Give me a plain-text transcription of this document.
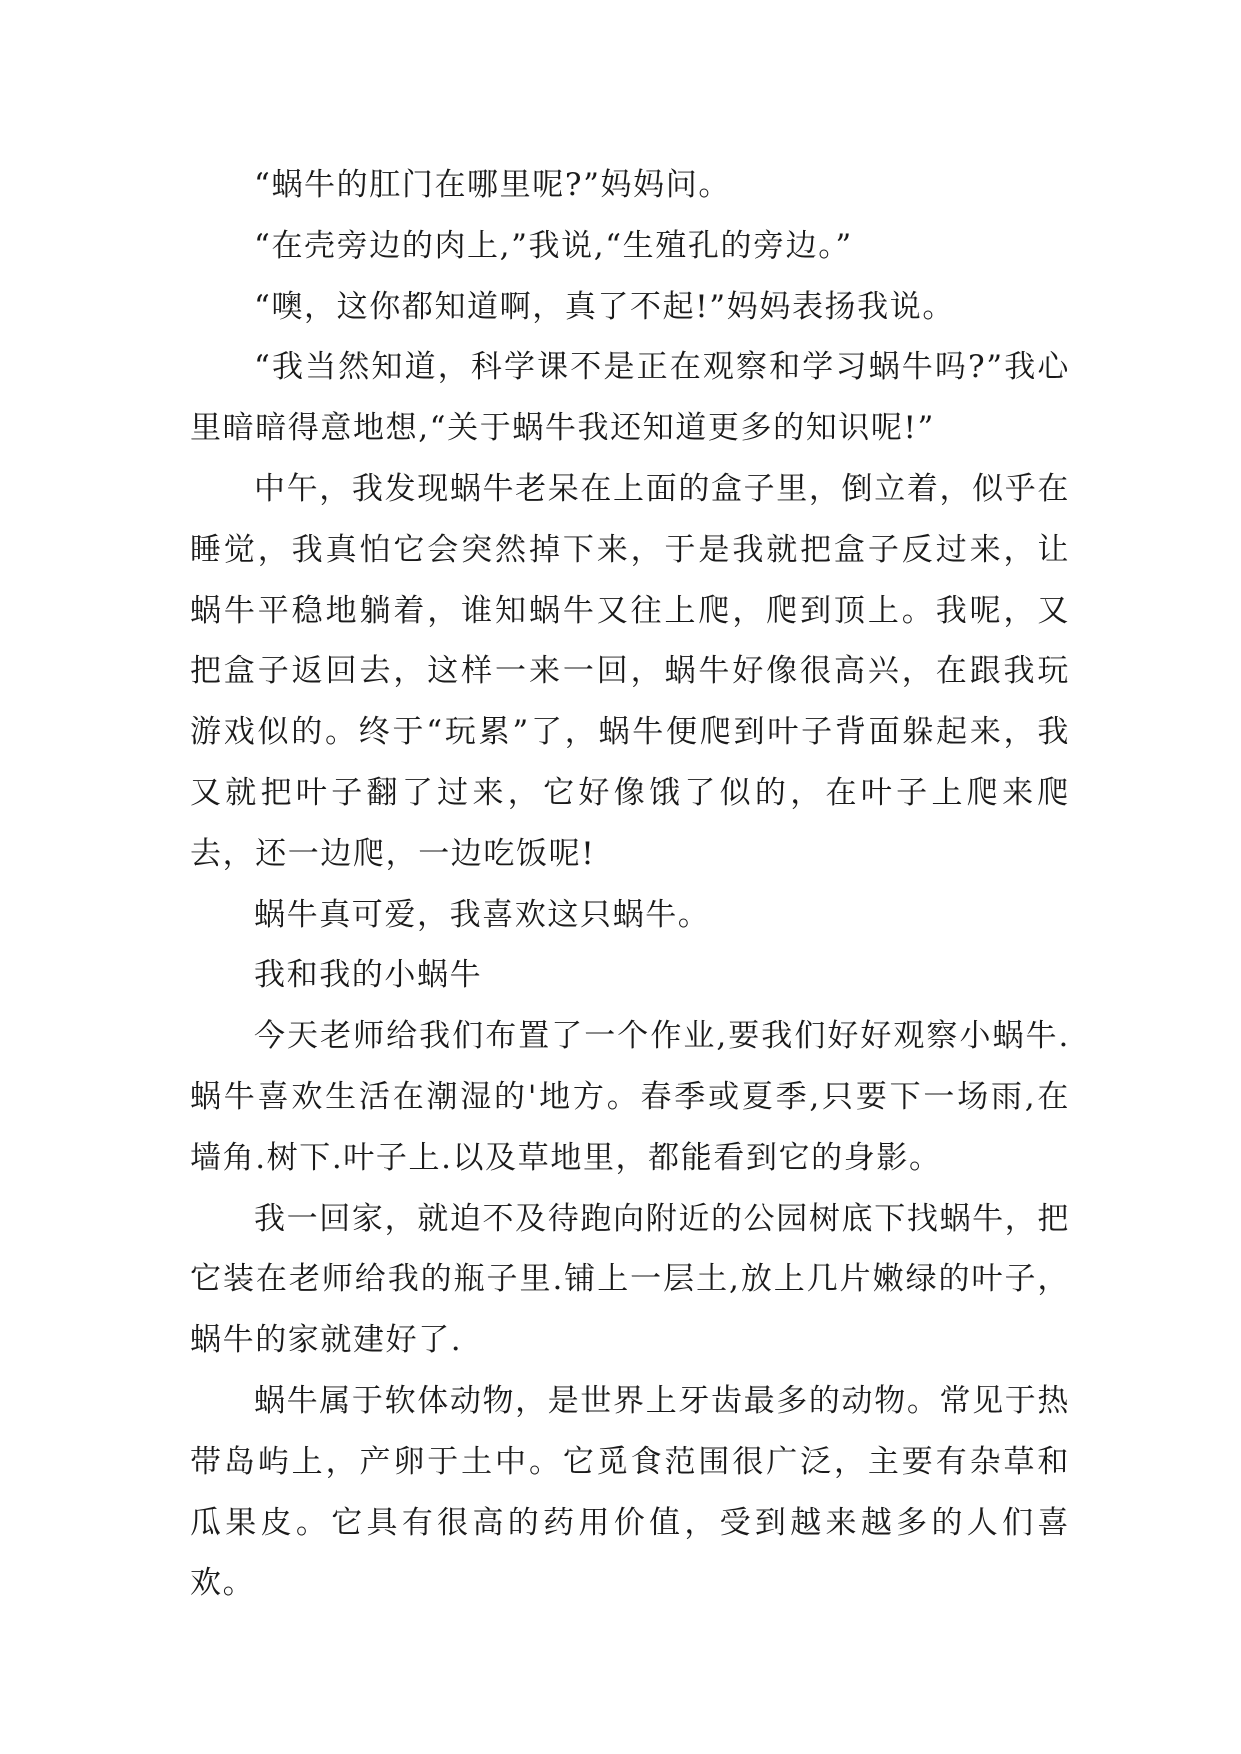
“蜗牛的肛门在哪里呢?”妈妈问。

“在壳旁边的肉上,”我说,“生殖孔的旁边。”

“噢，这你都知道啊，真了不起!”妈妈表扬我说。

“我当然知道，科学课不是正在观察和学习蜗牛吗?”我心里暗暗得意地想,“关于蜗牛我还知道更多的知识呢!”

中午，我发现蜗牛老呆在上面的盒子里，倒立着，似乎在睡觉，我真怕它会突然掉下来，于是我就把盒子反过来，让蜗牛平稳地躺着，谁知蜗牛又往上爬，爬到顶上。我呢，又把盒子返回去，这样一来一回，蜗牛好像很高兴，在跟我玩游戏似的。终于“玩累”了，蜗牛便爬到叶子背面躲起来，我又就把叶子翻了过来，它好像饿了似的，在叶子上爬来爬去，还一边爬，一边吃饭呢!

蜗牛真可爱，我喜欢这只蜗牛。

我和我的小蜗牛

今天老师给我们布置了一个作业,要我们好好观察小蜗牛. 蜗牛喜欢生活在潮湿的'地方。春季或夏季,只要下一场雨,在墙角.树下.叶子上.以及草地里，都能看到它的身影。

我一回家，就迫不及待跑向附近的公园树底下找蜗牛，把它装在老师给我的瓶子里.铺上一层土,放上几片嫩绿的叶子，蜗牛的家就建好了.

蜗牛属于软体动物，是世界上牙齿最多的动物。常见于热带岛屿上，产卵于土中。它觅食范围很广泛，主要有杂草和瓜果皮。它具有很高的药用价值，受到越来越多的人们喜欢。
